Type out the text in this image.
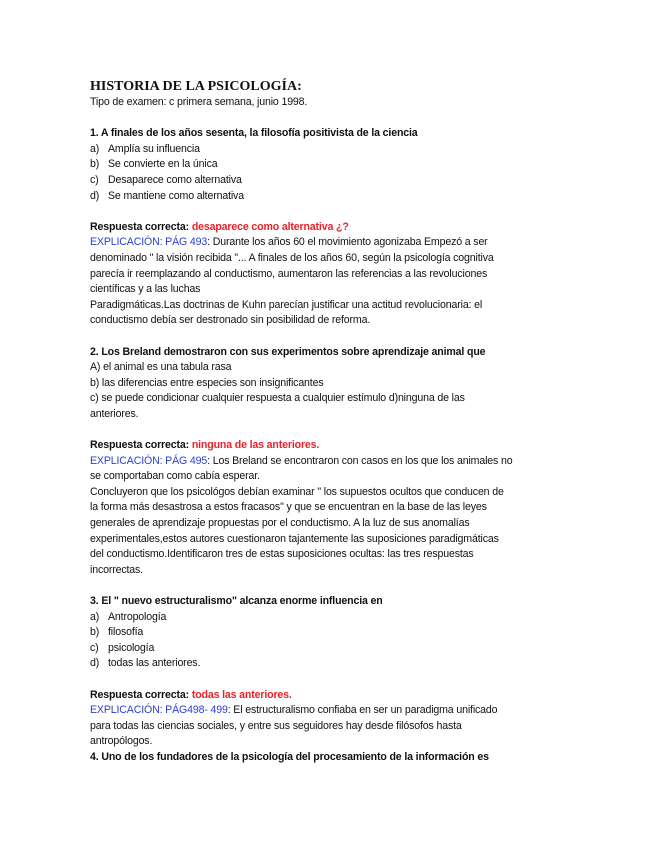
HISTORIA DE LA PSICOLOGÍA:
Tipo de examen: c primera semana, junio 1998.
1. A finales de los años sesenta, la filosofía positivista de la ciencia
a) Amplía su influencia
b) Se convierte en la única
c) Desaparece como alternativa
d) Se mantiene como alternativa
Respuesta correcta: desaparece como alternativa ¿?
EXPLICACIÓN: PÁG 493: Durante los años 60 el movimiento agonizaba Empezó a ser
denominado " la visión recibida "... A finales de los años 60, según la psicología cognitiva
parecía ir reemplazando al conductismo, aumentaron las referencias a las revoluciones
científicas y a las luchas
Paradigmáticas.Las doctrinas de Kuhn parecían justificar una actitud revolucionaria: el
conductismo debía ser destronado sin posibilidad de reforma.
2. Los Breland demostraron con sus experimentos sobre aprendizaje animal que
A) el animal es una tabula rasa
b) las diferencias entre especies son insignificantes
c) se puede condicionar cualquier respuesta a cualquier estímulo d)ninguna de las
anteriores.
Respuesta correcta: ninguna de las anteriores.
EXPLICACIÓN: PÁG 495: Los Breland se encontraron con casos en los que los animales no
se comportaban como cabía esperar.
Concluyeron que los psicológos debían examinar " los supuestos ocultos que conducen de
la forma más desastrosa a estos fracasos" y que se encuentran en la base de las leyes
generales de aprendizaje propuestas por el conductismo. A la luz de sus anomalías
experimentales,estos autores cuestionaron tajantemente las suposiciones paradigmáticas
del conductismo.Identificaron tres de estas suposiciones ocultas: las tres respuestas
incorrectas.
3. El " nuevo estructuralismo" alcanza enorme influencia en
a) Antropología
b) filosofía
c) psicología
d) todas las anteriores.
Respuesta correcta: todas las anteriores.
EXPLICACIÓN: PÁG498- 499: El estructuralismo confiaba en ser un paradigma unificado
para todas las ciencias sociales, y entre sus seguidores hay desde filósofos hasta
antropólogos.
4. Uno de los fundadores de la psicología del procesamiento de la información es
